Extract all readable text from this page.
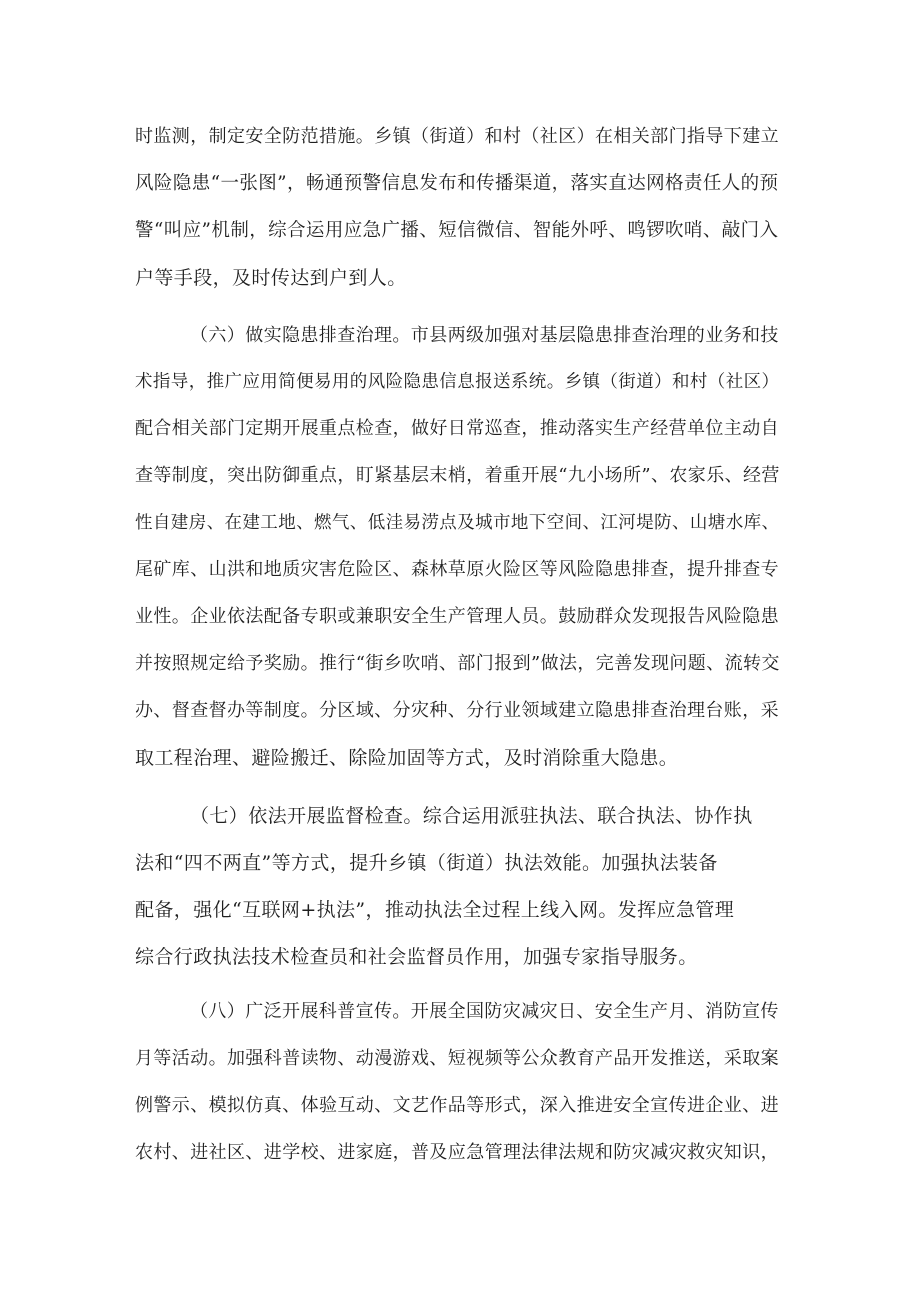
时监测，制定安全防范措施。乡镇（街道）和村（社区）在相关部门指导下建立
风险隐患“一张图”，畅通预警信息发布和传播渠道，落实直达网格责任人的预
警“叫应”机制，综合运用应急广播、短信微信、智能外呼、鸣锣吹哨、敲门入
户等手段，及时传达到户到人。
（六）做实隐患排查治理。市县两级加强对基层隐患排查治理的业务和技
术指导，推广应用简便易用的风险隐患信息报送系统。乡镇（街道）和村（社区）
配合相关部门定期开展重点检查，做好日常巡查，推动落实生产经营单位主动自
查等制度，突出防御重点，盯紧基层末梢，着重开展“九小场所”、农家乐、经营
性自建房、在建工地、燃气、低洼易涝点及城市地下空间、江河堤防、山塘水库、
尾矿库、山洪和地质灾害危险区、森林草原火险区等风险隐患排查，提升排查专
业性。企业依法配备专职或兼职安全生产管理人员。鼓励群众发现报告风险隐患
并按照规定给予奖励。推行“街乡吹哨、部门报到”做法，完善发现问题、流转交
办、督查督办等制度。分区域、分灾种、分行业领域建立隐患排查治理台账，采
取工程治理、避险搬迁、除险加固等方式，及时消除重大隐患。
（七）依法开展监督检查。综合运用派驻执法、联合执法、协作执
法和“四不两直”等方式，提升乡镇（街道）执法效能。加强执法装备
配备，强化“互联网+执法”，推动执法全过程上线入网。发挥应急管理
综合行政执法技术检查员和社会监督员作用，加强专家指导服务。
（八）广泛开展科普宣传。开展全国防灾减灾日、安全生产月、消防宣传
月等活动。加强科普读物、动漫游戏、短视频等公众教育产品开发推送，采取案
例警示、模拟仿真、体验互动、文艺作品等形式，深入推进安全宣传进企业、进
农村、进社区、进学校、进家庭，普及应急管理法律法规和防灾减灾救灾知识，
